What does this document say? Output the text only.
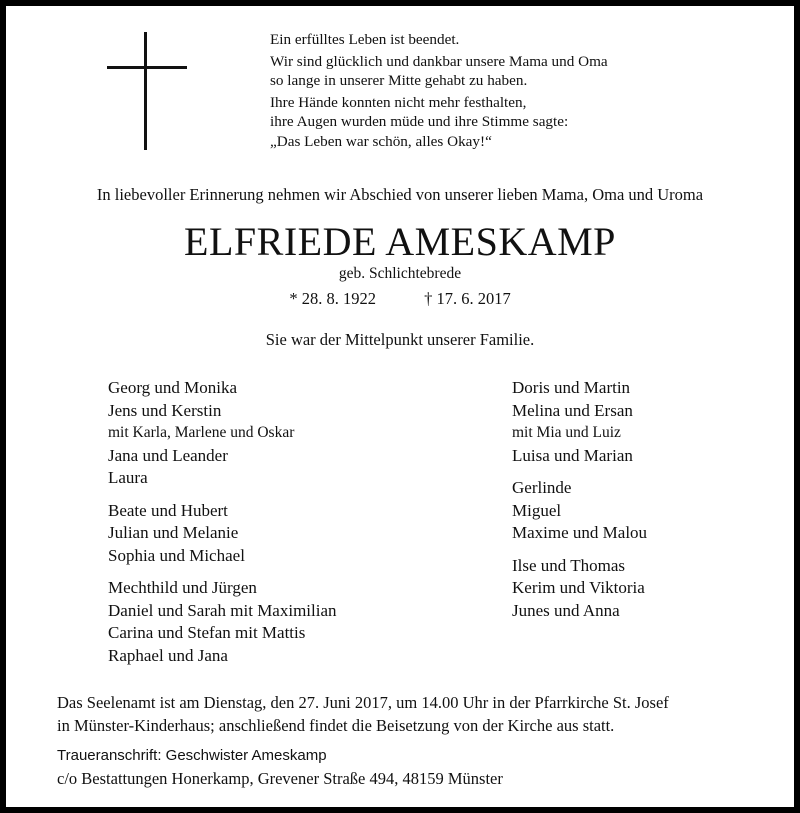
Ein erfülltes Leben ist beendet.
Wir sind glücklich und dankbar unsere Mama und Oma
so lange in unserer Mitte gehabt zu haben.
Ihre Hände konnten nicht mehr festhalten,
ihre Augen wurden müde und ihre Stimme sagte:
„Das Leben war schön, alles Okay!“
In liebevoller Erinnerung nehmen wir Abschied von unserer lieben Mama, Oma und Uroma
ELFRIEDE AMESKAMP
geb. Schlichtebrede
* 28. 8. 1922	† 17. 6. 2017
Sie war der Mittelpunkt unserer Familie.
Georg und Monika
Jens und Kerstin
mit Karla, Marlene und Oskar
Jana und Leander
Laura
Beate und Hubert
Julian und Melanie
Sophia und Michael
Mechthild und Jürgen
Daniel und Sarah mit Maximilian
Carina und Stefan mit Mattis
Raphael und Jana
Doris und Martin
Melina und Ersan
mit Mia und Luiz
Luisa und Marian
Gerlinde
Miguel
Maxime und Malou
Ilse und Thomas
Kerim und Viktoria
Junes und Anna
Das Seelenamt ist am Dienstag, den 27. Juni 2017, um 14.00 Uhr in der Pfarrkirche St. Josef
in Münster-Kinderhaus; anschließend findet die Beisetzung von der Kirche aus statt.
Traueranschrift: Geschwister Ameskamp
c/o Bestattungen Honerkamp, Grevener Straße 494, 48159 Münster
